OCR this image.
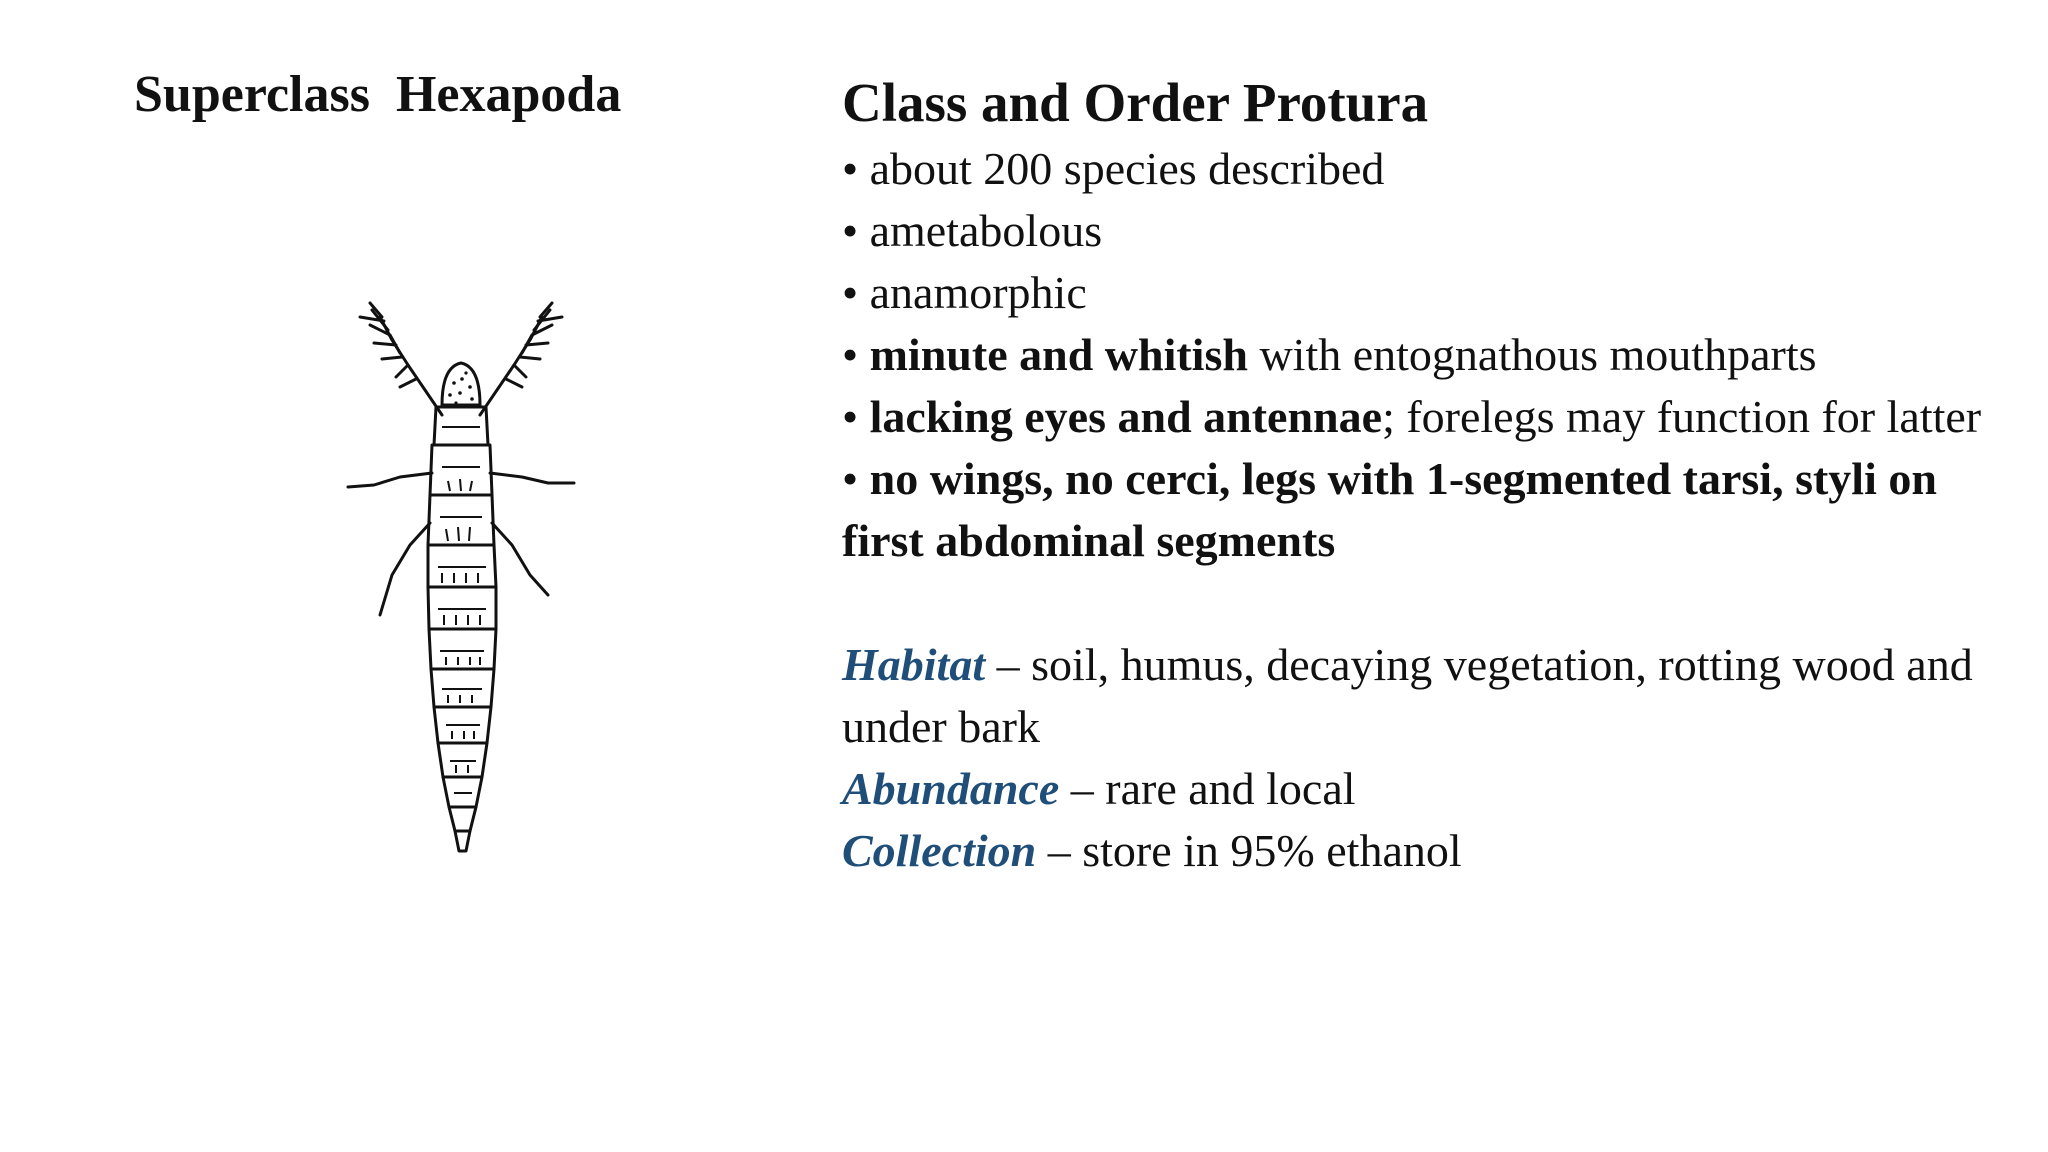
Superclass  Hexapoda	Class and Order Protura
• about 200 species described
• ametabolous
• anamorphic
• minute and whitish with entognathous mouthparts
• lacking eyes and antennae; forelegs may function for latter
• no wings, no cerci, legs with 1-segmented tarsi, styli on first abdominal segments
Habitat – soil, humus, decaying vegetation, rotting wood and under bark
Abundance – rare and local
Collection – store in 95% ethanol
